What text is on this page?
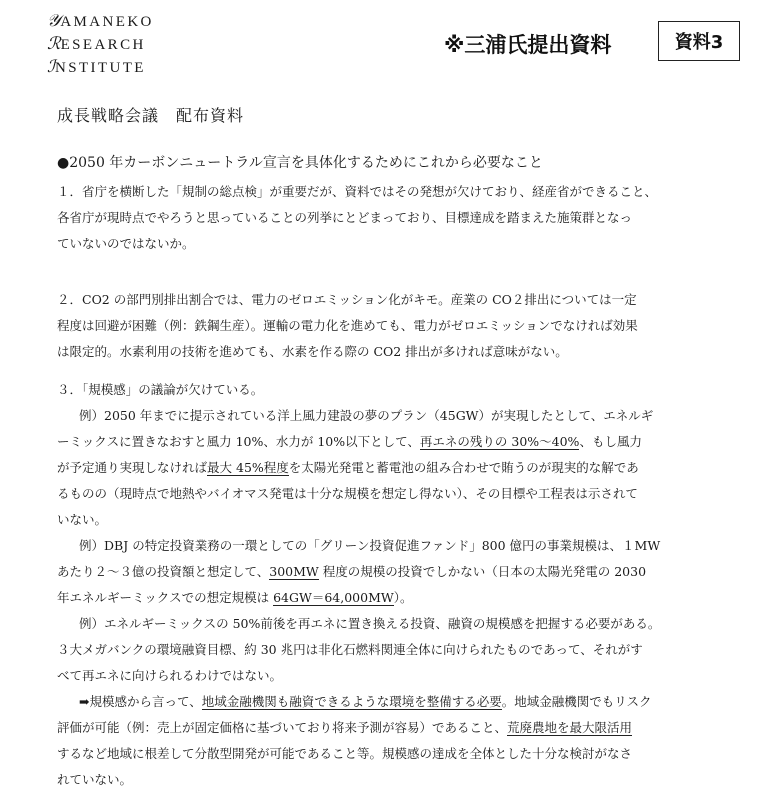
𝒴AMANEKO
ℛESEARCH
ℐNSTITUTE
※三浦氏提出資料	資料3
成長戦略会議　配布資料
●2050 年カーボンニュートラル宣言を具体化するためにこれから必要なこと
１．省庁を横断した「規制の総点検」が重要だが、資料ではその発想が欠けており、経産省ができること、
各省庁が現時点でやろうと思っていることの列挙にとどまっており、目標達成を踏まえた施策群となっ
ていないのではないか。
２．CO2 の部門別排出割合では、電力のゼロエミッション化がキモ。産業の CO２排出については一定
程度は回避が困難（例：鉄鋼生産）。運輸の電力化を進めても、電力がゼロエミッションでなければ効果
は限定的。水素利用の技術を進めても、水素を作る際の CO2 排出が多ければ意味がない。
３．「規模感」の議論が欠けている。
例）2050 年までに提示されている洋上風力建設の夢のプラン（45GW）が実現したとして、エネルギ
ーミックスに置きなおすと風力 10%、水力が 10%以下として、再エネの残りの 30%〜40%、もし風力
が予定通り実現しなければ最大 45%程度を太陽光発電と蓄電池の組み合わせで賄うのが現実的な解であ
るものの（現時点で地熱やバイオマス発電は十分な規模を想定し得ない）、その目標や工程表は示されて
いない。
例）DBJ の特定投資業務の一環としての「グリーン投資促進ファンド」800 億円の事業規模は、１MW
あたり２〜３億の投資額と想定して、300MW 程度の規模の投資でしかない（日本の太陽光発電の 2030
年エネルギーミックスでの想定規模は 64GW＝64,000MW）。
例）エネルギーミックスの 50%前後を再エネに置き換える投資、融資の規模感を把握する必要がある。
３大メガバンクの環境融資目標、約 30 兆円は非化石燃料関連全体に向けられたものであって、それがす
べて再エネに向けられるわけではない。
➡規模感から言って、地域金融機関も融資できるような環境を整備する必要。地域金融機関でもリスク
評価が可能（例：売上が固定価格に基づいており将来予測が容易）であること、荒廃農地を最大限活用
するなど地域に根差して分散型開発が可能であること等。規模感の達成を全体とした十分な検討がなさ
れていない。
